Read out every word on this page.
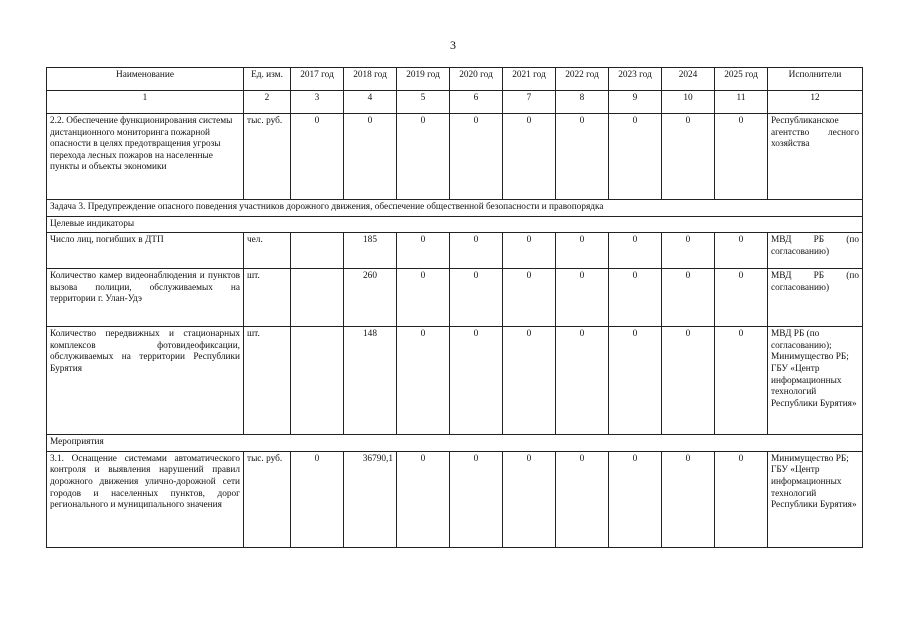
3
Наименование	Ед. изм.	2017 год	2018 год	2019 год	2020 год	2021 год	2022 год	2023 год	2024	2025 год	Исполнители
1	2	3	4	5	6	7	8	9	10	11	12
2.2. Обеспечение функционирования системы дистанционного мониторинга пожарной опасности в целях предотвращения угрозы перехода лесных пожаров на населенные пункты и объекты экономики	тыс. руб.	0	0	0	0	0	0	0	0	0	Республиканское агентство лесного хозяйства
Задача 3. Предупреждение опасного поведения участников дорожного движения, обеспечение общественной безопасности и правопорядка											
Целевые индикаторы											
Число лиц, погибших в ДТП	чел.		185	0	0	0	0	0	0	0	МВД РБ (по согласованию)
Количество камер видеонаблюдения и пунктов вызова полиции, обслуживаемых на территории г. Улан-Удэ	шт.		260	0	0	0	0	0	0	0	МВД РБ (по согласованию)
Количество передвижных и стационарных комплексов фотовидеофиксации, обслуживаемых на территории Республики Бурятия	шт.		148	0	0	0	0	0	0	0	МВД РБ (по согласованию); Минимущество РБ; ГБУ «Центр информационных технологий Республики Бурятия»
Мероприятия											
3.1. Оснащение системами автоматического контроля и выявления нарушений правил дорожного движения улично-дорожной сети городов и населенных пунктов, дорог регионального и муниципального значения	тыс. руб.	0	36790,1	0	0	0	0	0	0	0	Минимущество РБ; ГБУ «Центр информационных технологий Республики Бурятия»
